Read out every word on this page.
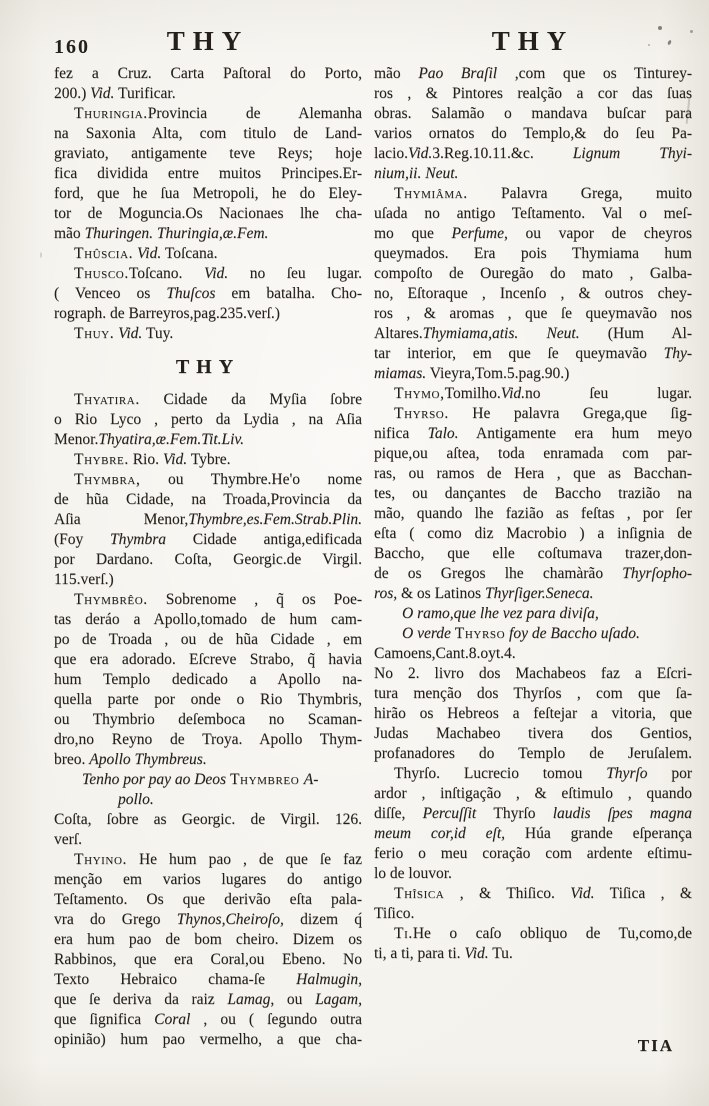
160	THY	THY
fez a Cruz. Carta Paſtoral do Porto,
200.) Vid. Turificar.
Thuringia.Provincia de Alemanha
na Saxonia Alta, com titulo de Land-
graviato, antigamente teve Reys; hoje
fica dividida entre muitos Principes.Er-
ford, que he ſua Metropoli, he do Eley-
tor de Moguncia.Os Nacionaes lhe cha-
mão Thuringen. Thuringia,æ.Fem.
Thûscia. Vid. Toſcana.
Thusco.Toſcano. Vid. no ſeu lugar.
( Venceo os Thuſcos em batalha. Cho-
rograph. de Barreyros,pag.235.verſ.)
Thuy. Vid. Tuy.
THY
Thyatira. Cidade da Myſia ſobre
o Rio Lyco , perto da Lydia , na Aſia
Menor.Thyatira,æ.Fem.Tit.Liv.
Thybre. Rio. Vid. Tybre.
Thymbra, ou Thymbre.He'o nome
de hũa Cidade, na Troada,Provincia da
Aſia Menor,Thymbre,es.Fem.Strab.Plin.
(Foy Thymbra Cidade antiga,edificada
por Dardano. Coſta, Georgic.de Virgil.
115.verſ.)
Thymbrêo. Sobrenome , q̃ os Poe-
tas deráo a Apollo,tomado de hum cam-
po de Troada , ou de hũa Cidade , em
que era adorado. Eſcreve Strabo, q̃ havia
hum Templo dedicado a Apollo na-
quella parte por onde o Rio Thymbris,
ou Thymbrio deſemboca no Scaman-
dro,no Reyno de Troya. Apollo Thym-
breo. Apollo Thymbreus.
Tenho por pay ao Deos Thymbreo A-
pollo.
Coſta, ſobre as Georgic. de Virgil. 126.
verſ.
Thyino. He hum pao , de que ſe faz
menção em varios lugares do antigo
Teſtamento. Os que derivão eſta pala-
vra do Grego Thynos,Cheiroſo, dizem q́
era hum pao de bom cheiro. Dizem os
Rabbinos, que era Coral,ou Ebeno. No
Texto Hebraico chama-ſe Halmugin,
que ſe deriva da raiz Lamag, ou Lagam,
que ſignifica Coral , ou ( ſegundo outra
opinião) hum pao vermelho, a que cha-
mão Pao Braſil ,com que os Tinturey-
ros , & Pintores realção a cor das ſuas
obras. Salamão o mandava buſcar para
varios ornatos do Templo,& do ſeu Pa-
lacio.Vid.3.Reg.10.11.&c. Lignum Thyi-
nium,ii. Neut.
Thymiâma. Palavra Grega, muito
uſada no antigo Teſtamento. Val o meſ-
mo que Perfume, ou vapor de cheyros
queymados. Era pois Thymiama hum
compoſto de Ouregão do mato , Galba-
no, Eſtoraque , Incenſo , & outros chey-
ros , & aromas , que ſe queymavão nos
Altares.Thymiama,atis. Neut. (Hum Al-
tar interior, em que ſe queymavão Thy-
miamas. Vieyra,Tom.5.pag.90.)
Thymo,Tomilho.Vid.no ſeu lugar.
Thyrso. He palavra Grega,que ſig-
nifica Talo. Antigamente era hum meyo
pique,ou aſtea, toda enramada com par-
ras, ou ramos de Hera , que as Bacchan-
tes, ou dançantes de Baccho trazião na
mão, quando lhe fazião as feſtas , por ſer
eſta ( como diz Macrobio ) a inſignia de
Baccho, que elle coſtumava trazer,don-
de os Gregos lhe chamàrão Thyrſopho-
ros, & os Latinos Thyrſiger.Seneca.
O ramo,que lhe vez para diviſa,
O verde Thyrſo foy de Baccho uſado.
Camoens,Cant.8.oyt.4.
No 2. livro dos Machabeos faz a Eſcri-
tura menção dos Thyrſos , com que ſa-
hirão os Hebreos a feſtejar a vitoria, que
Judas Machabeo tivera dos Gentios,
profanadores do Templo de Jeruſalem.
Thyrſo. Lucrecio tomou Thyrſo por
ardor , inſtigação , & eſtimulo , quando
diſſe, Percuſſit Thyrſo laudis ſpes magna
meum cor,id eſt, Húa grande eſperança
ferio o meu coração com ardente eſtimu-
lo de louvor.
Thîsica , & Thiſico. Vid. Tiſica , &
Tiſico.
Ti.He o caſo obliquo de Tu,como,de
ti, a ti, para ti. Vid. Tu.
TIA
